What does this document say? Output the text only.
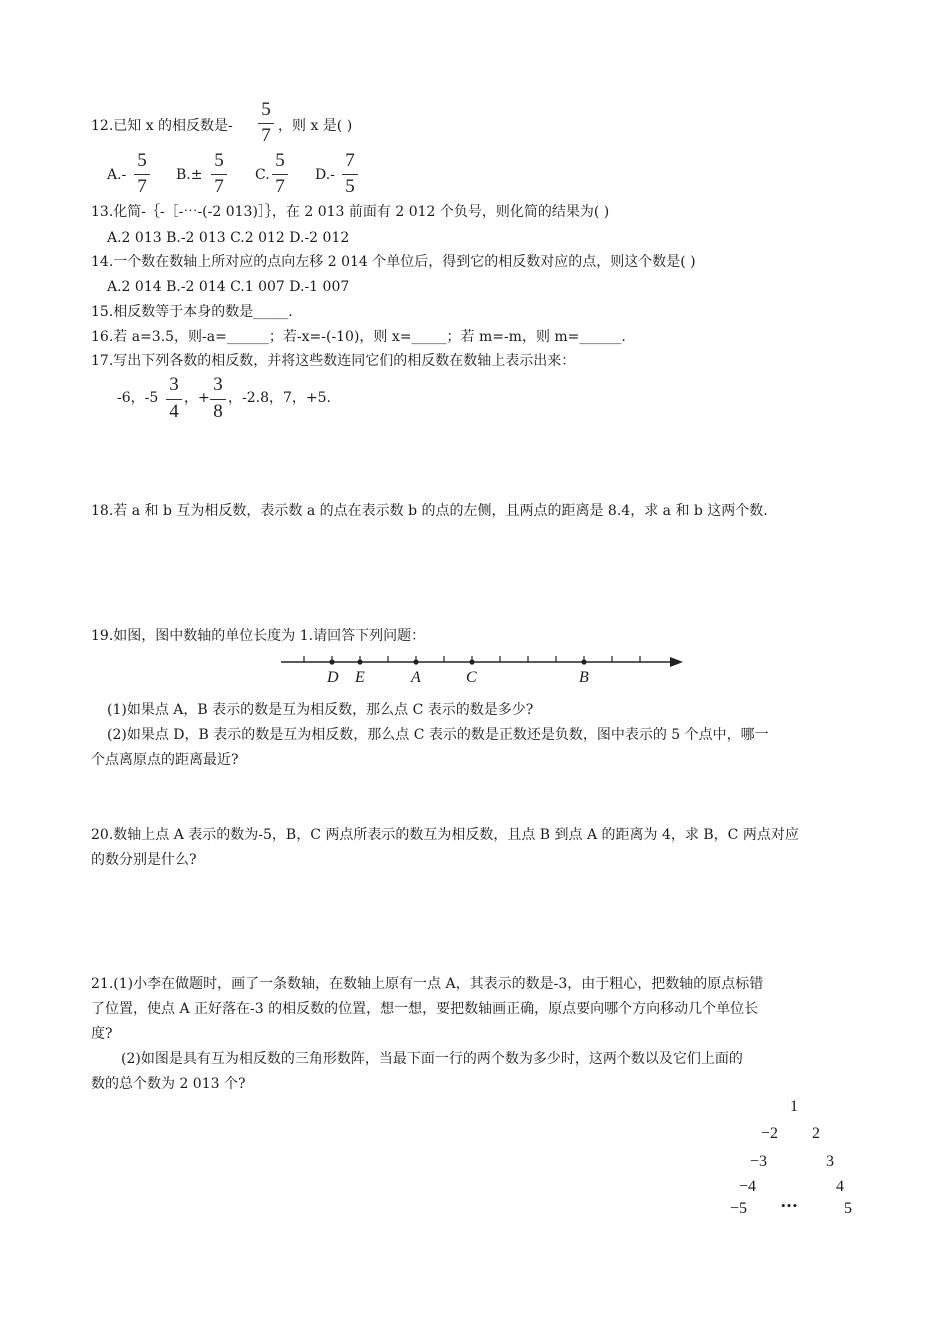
12.已知 x 的相反数是-
5
7 ，则 x 是( )
A.-
5
7
B.±
5
7
C.
5
7
D.-
7
5
13.化简-｛-［-⋯-(-2 013)］｝，在 2 013 前面有 2 012 个负号，则化简的结果为( )
A.2 013 B.-2 013 C.2 012 D.-2 012
14.一个数在数轴上所对应的点向左移 2 014 个单位后，得到它的相反数对应的点，则这个数是( )
A.2 014 B.-2 014 C.1 007 D.-1 007
15.相反数等于本身的数是_____.
16.若 a=3.5，则-a=______；若-x=-(-10)，则 x=_____；若 m=-m，则 m=______.
17.写出下列各数的相反数，并将这些数连同它们的相反数在数轴上表示出来：
-6，-5
3
4
，+
3
8
，-2.8，7，+5.
18.若 a 和 b 互为相反数，表示数 a 的点在表示数 b 的点的左侧，且两点的距离是 8.4，求 a 和 b 这两个数.
19.如图，图中数轴的单位长度为 1.请回答下列问题：
D E	A	C	B
(1)如果点 A，B 表示的数是互为相反数，那么点 C 表示的数是多少?
(2)如果点 D，B 表示的数是互为相反数，那么点 C 表示的数是正数还是负数，图中表示的 5 个点中，哪一
个点离原点的距离最近?
20.数轴上点 A 表示的数为-5，B，C 两点所表示的数互为相反数，且点 B 到点 A 的距离为 4，求 B，C 两点对应
的数分别是什么?
21.(1)小李在做题时，画了一条数轴，在数轴上原有一点 A，其表示的数是-3，由于粗心，把数轴的原点标错
了位置，使点 A 正好落在-3 的相反数的位置，想一想，要把数轴画正确，原点要向哪个方向移动几个单位长
度?
(2)如图是具有互为相反数的三角形数阵，当最下面一行的两个数为多少时，这两个数以及它们上面的
数的总个数为 2 013 个?
1
−2 2
−3	3
−4	4
−5	• • •	5
